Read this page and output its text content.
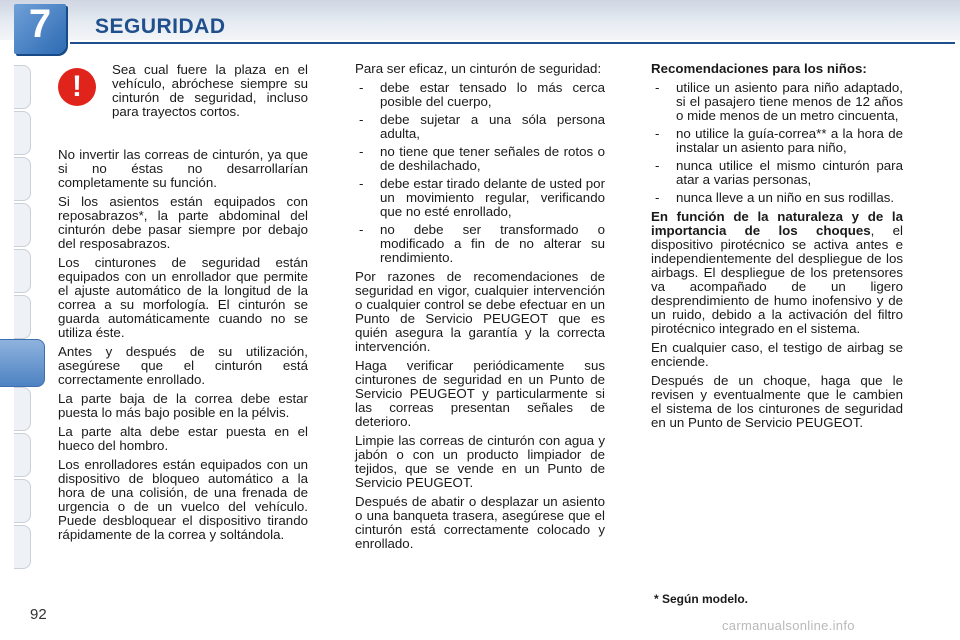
7	SEGURIDAD
!
Sea cual fuere la plaza en el vehículo, abróchese siempre su cinturón de seguridad, incluso para trayectos cortos.

No invertir las correas de cinturón, ya que si no éstas no desarrollarían completamente su función.

Si los asientos están equipados con reposabrazos*, la parte abdominal del cinturón debe pasar siempre por debajo del resposabrazos.

Los cinturones de seguridad están equipados con un enrollador que permite el ajuste automático de la longitud de la correa a su morfología. El cinturón se guarda automáticamente cuando no se utiliza éste.

Antes y después de su utilización, asegúrese que el cinturón está correctamente enrollado.

La parte baja de la correa debe estar puesta lo más bajo posible en la pélvis.

La parte alta debe estar puesta en el hueco del hombro.

Los enrolladores están equipados con un dispositivo de bloqueo automático a la hora de una colisión, de una frenada de urgencia o de un vuelco del vehículo. Puede desbloquear el dispositivo tirando rápidamente de la correa y soltándola.

Para ser eficaz, un cinturón de seguridad:

- debe estar tensado lo más cerca posible del cuerpo,
- debe sujetar a una sóla persona adulta,
- no tiene que tener señales de rotos o de deshilachado,
- debe estar tirado delante de usted por un movimiento regular, verificando que no esté enrollado,
- no debe ser transformado o modificado a fin de no alterar su rendimiento.

Por razones de recomendaciones de seguridad en vigor, cualquier intervención o cualquier control se debe efectuar en un Punto de Servicio PEUGEOT que es quién asegura la garantía y la correcta intervención.

Haga verificar periódicamente sus cinturones de seguridad en un Punto de Servicio PEUGEOT y particularmente si las correas presentan señales de deterioro.

Limpie las correas de cinturón con agua y jabón o con un producto limpiador de tejidos, que se vende en un Punto de Servicio PEUGEOT.

Después de abatir o desplazar un asiento o una banqueta trasera, asegúrese que el cinturón está correctamente colocado y enrollado.

Recomendaciones para los niños:

- utilice un asiento para niño adaptado, si el pasajero tiene menos de 12 años o mide menos de un metro cincuenta,
- no utilice la guía-correa** a la hora de instalar un asiento para niño,
- nunca utilice el mismo cinturón para atar a varias personas,
- nunca lleve a un niño en sus rodillas.

En función de la naturaleza y de la importancia de los choques, el dispositivo pirotécnico se activa antes e independientemente del despliegue de los airbags. El despliegue de los pretensores va acompañado de un ligero desprendimiento de humo inofensivo y de un ruido, debido a la activación del filtro pirotécnico integrado en el sistema.

En cualquier caso, el testigo de airbag se enciende.

Después de un choque, haga que le revisen y eventualmente que le cambien el sistema de los cinturones de seguridad en un Punto de Servicio PEUGEOT.

* Según modelo.
92
carmanualsonline.info
